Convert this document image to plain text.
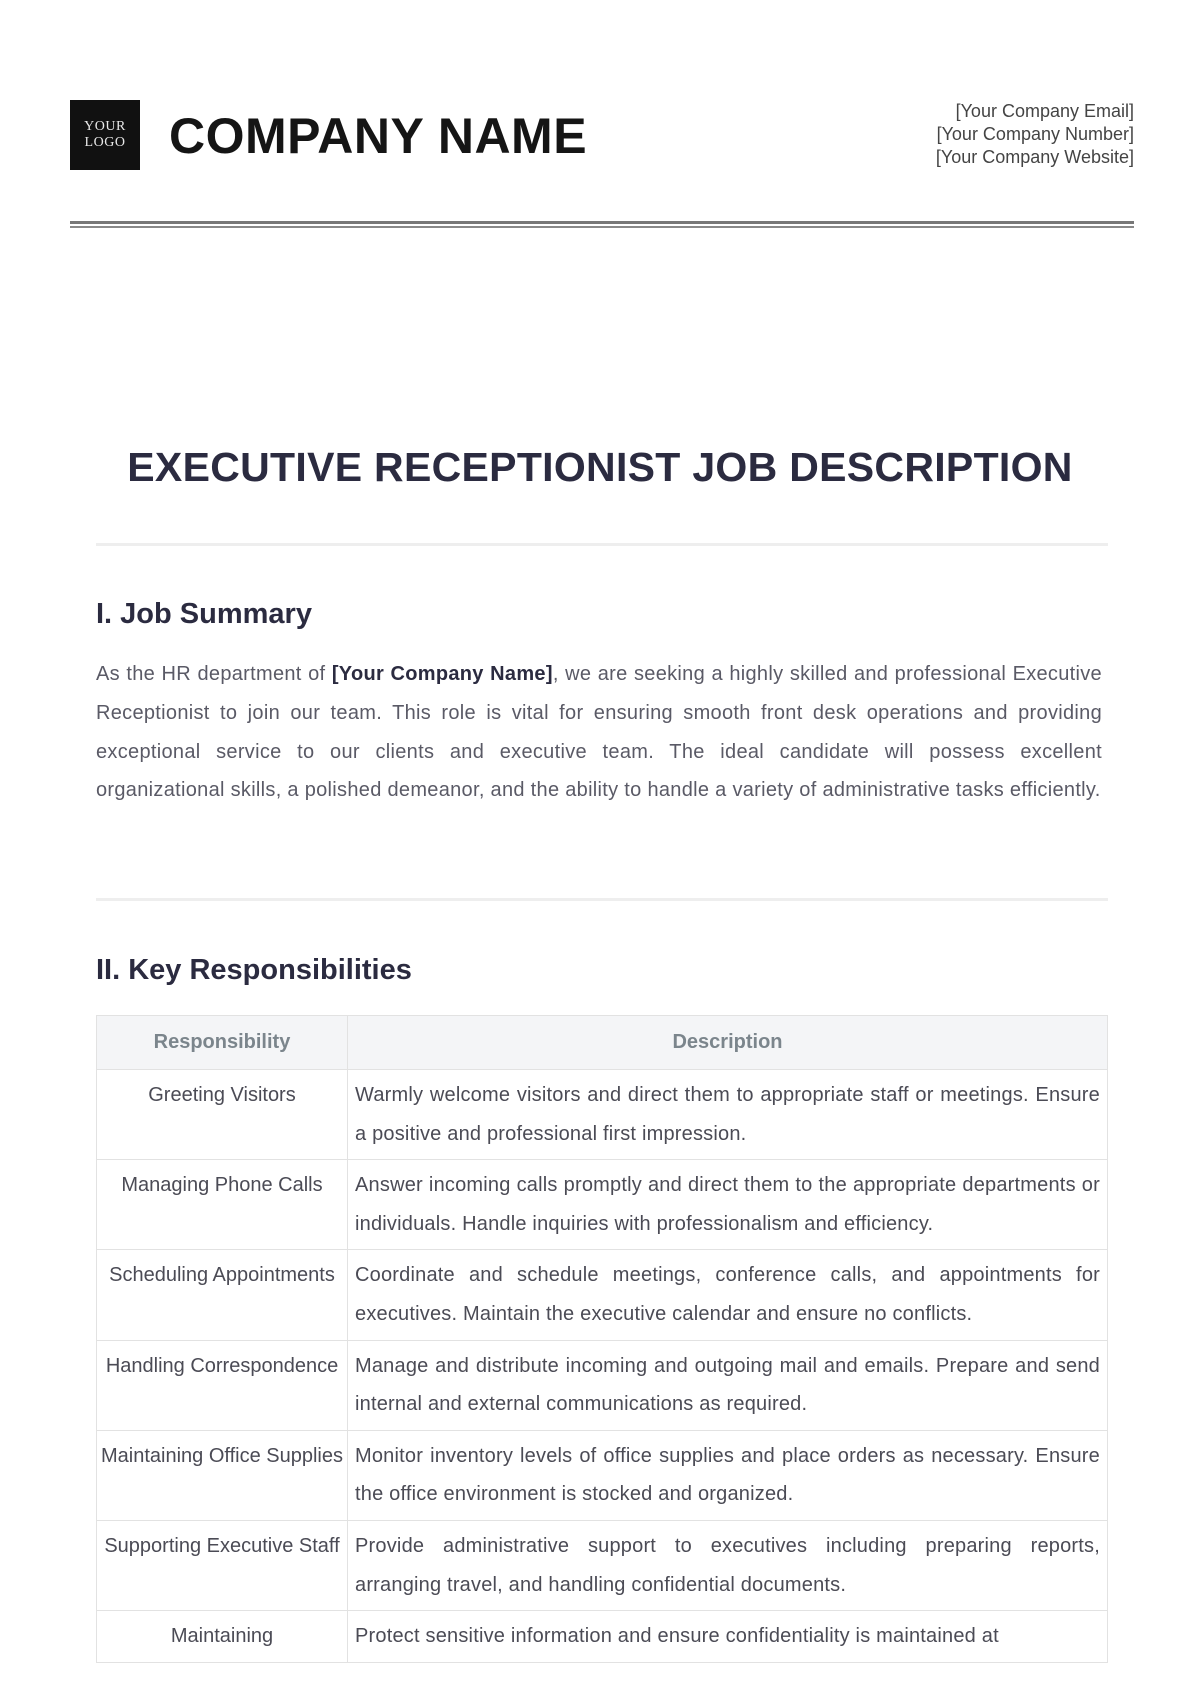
YOUR
LOGO COMPANY NAME	[Your Company Email]
[Your Company Number]
[Your Company Website]
EXECUTIVE RECEPTIONIST JOB DESCRIPTION
I. Job Summary
As the HR department of [Your Company Name], we are seeking a highly skilled and professional Executive Receptionist to join our team. This role is vital for ensuring smooth front desk operations and providing exceptional service to our clients and executive team. The ideal candidate will possess excellent organizational skills, a polished demeanor, and the ability to handle a variety of administrative tasks efficiently.
II. Key Responsibilities
Responsibility	Description
Greeting Visitors	Warmly welcome visitors and direct them to appropriate staff or meetings. Ensure a positive and professional first impression.
Managing Phone Calls	Answer incoming calls promptly and direct them to the appropriate departments or individuals. Handle inquiries with professionalism and efficiency.
Scheduling Appointments	Coordinate and schedule meetings, conference calls, and appointments for executives. Maintain the executive calendar and ensure no conflicts.
Handling Correspondence	Manage and distribute incoming and outgoing mail and emails. Prepare and send internal and external communications as required.
Maintaining Office Supplies	Monitor inventory levels of office supplies and place orders as necessary. Ensure the office environment is stocked and organized.
Supporting Executive Staff	Provide administrative support to executives including preparing reports, arranging travel, and handling confidential documents.
Maintaining	Protect sensitive information and ensure confidentiality is maintained at
